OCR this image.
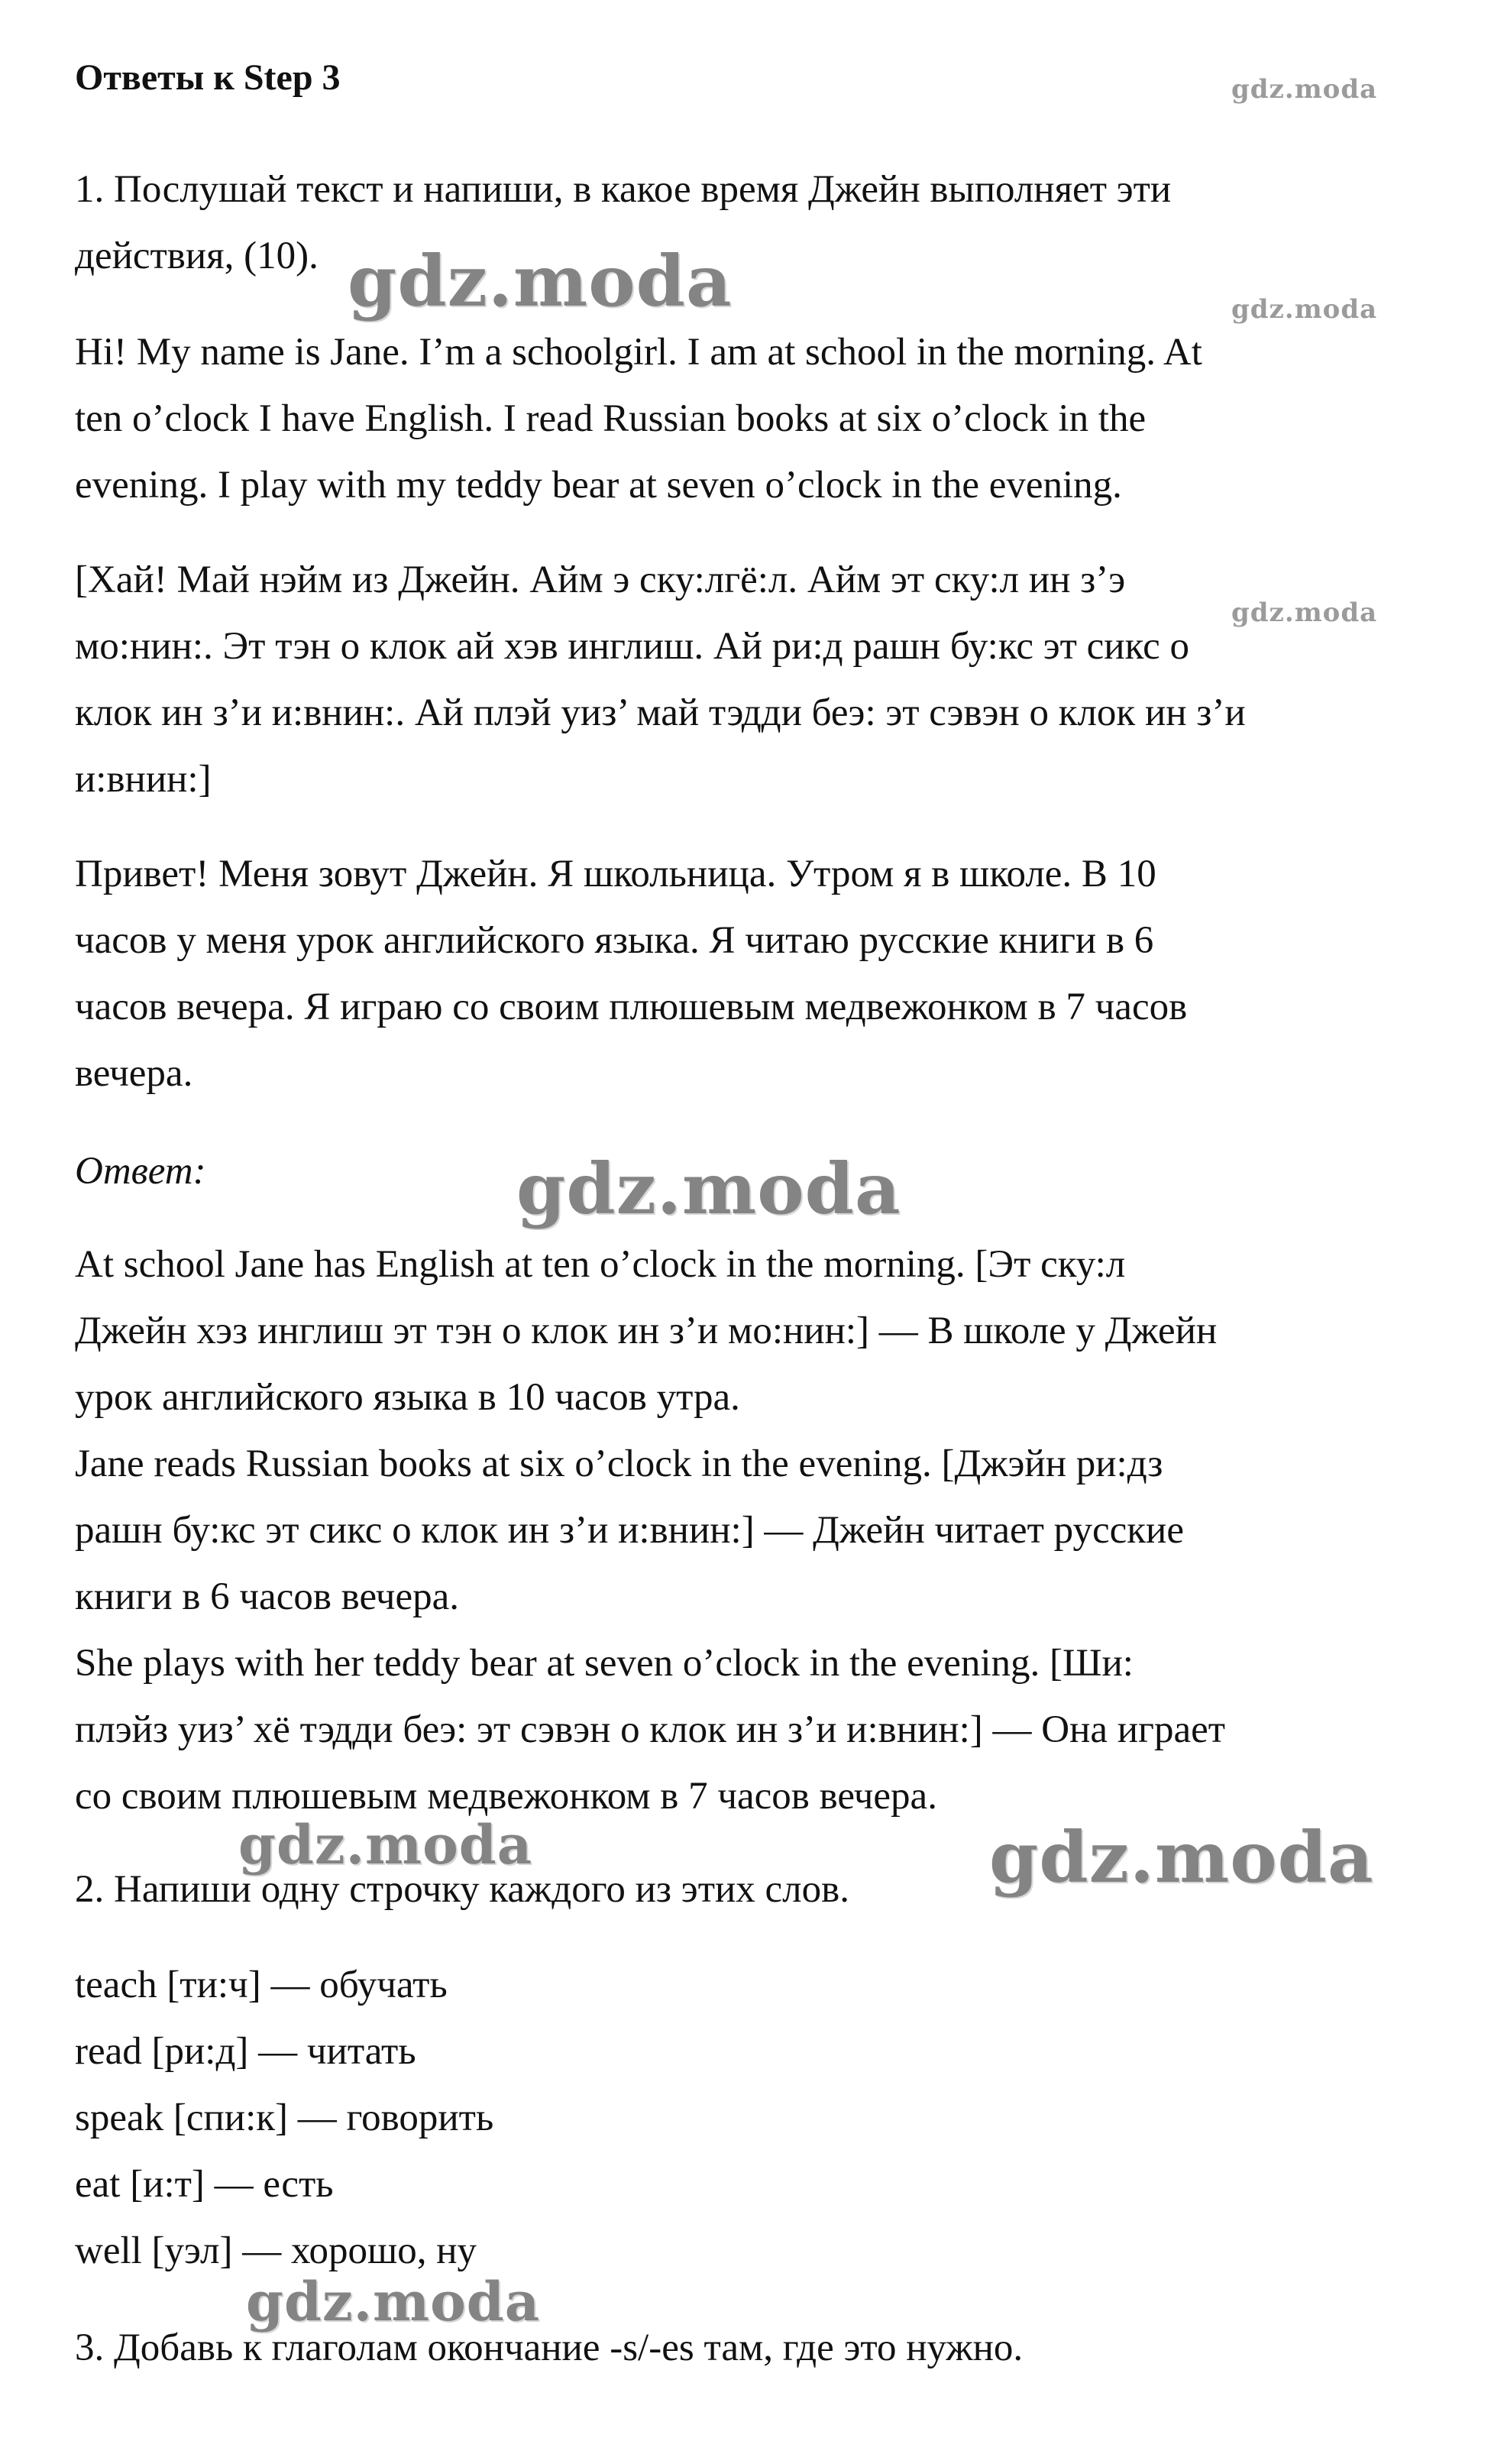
Ответы к Step 3
1. Послушай текст и напиши, в какое время Джейн выполняет эти
действия, (10).
Hi! My name is Jane. I’m a schoolgirl. I am at school in the morning. At
ten o’clock I have English. I read Russian books at six o’clock in the
evening. I play with my teddy bear at seven o’clock in the evening.
[Хай! Май нэйм из Джейн. Айм э ску:лгё:л. Айм эт ску:л ин з’э
мо:нин:. Эт тэн о клок ай хэв инглиш. Ай ри:д рашн бу:кс эт сикс о
клок ин з’и и:внин:. Ай плэй уиз’ май тэдди беэ: эт сэвэн о клок ин з’и
и:внин:]
Привет! Меня зовут Джейн. Я школьница. Утром я в школе. В 10
часов у меня урок английского языка. Я читаю русские книги в 6
часов вечера. Я играю со своим плюшевым медвежонком в 7 часов
вечера.
Ответ:
At school Jane has English at ten o’clock in the morning. [Эт ску:л
Джейн хэз инглиш эт тэн о клок ин з’и мо:нин:] — В школе у Джейн
урок английского языка в 10 часов утра.
Jane reads Russian books at six o’clock in the evening. [Джэйн ри:дз
рашн бу:кс эт сикс о клок ин з’и и:внин:] — Джейн читает русские
книги в 6 часов вечера.
She plays with her teddy bear at seven o’clock in the evening. [Ши:
плэйз уиз’ хё тэдди беэ: эт сэвэн о клок ин з’и и:внин:] — Она играет
со своим плюшевым медвежонком в 7 часов вечера.
2. Напиши одну строчку каждого из этих слов.
teach [ти:ч] — обучать
read [ри:д] — читать
speak [спи:к] — говорить
eat [и:т] — есть
well [уэл] — хорошо, ну
3. Добавь к глаголам окончание -s/-es там, где это нужно.
gdz.moda
gdz.moda	gdz.moda
gdz.moda
gdz.moda
gdz.moda	gdz.moda
gdz.moda
